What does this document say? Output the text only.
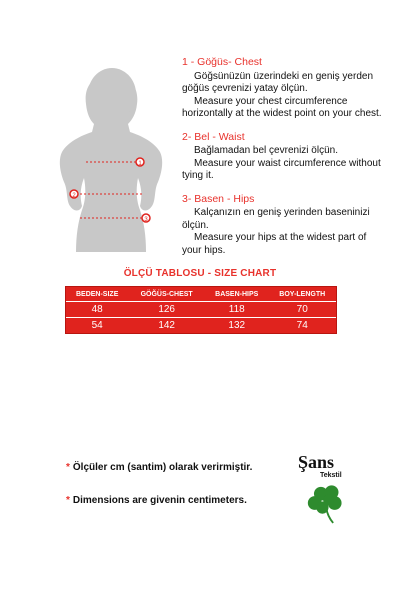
1
2
3
1 - Göğüs- Chest
Göğsünüzün üzerindeki en geniş yerden
göğüs çevrenizi yatay ölçün.
Measure your chest circumference
horizontally at the widest point on your chest.
2- Bel - Waist
Bağlamadan bel çevrenizi ölçün.
Measure your waist circumference without
tying it.
3- Basen - Hips
Kalçanızın en geniş yerinden baseninizi
ölçün.
Measure your hips at the widest part of
your hips.
ÖLÇÜ TABLOSU - SIZE CHART
BEDEN-SIZE	GÖĞÜS-CHEST	BASEN-HIPS	BOY-LENGTH
48	126	118	70
54	142	132	74
* Ölçüler cm (santim) olarak verirmiştir.
* Dimensions are givenin centimeters.
Şans
Tekstil
